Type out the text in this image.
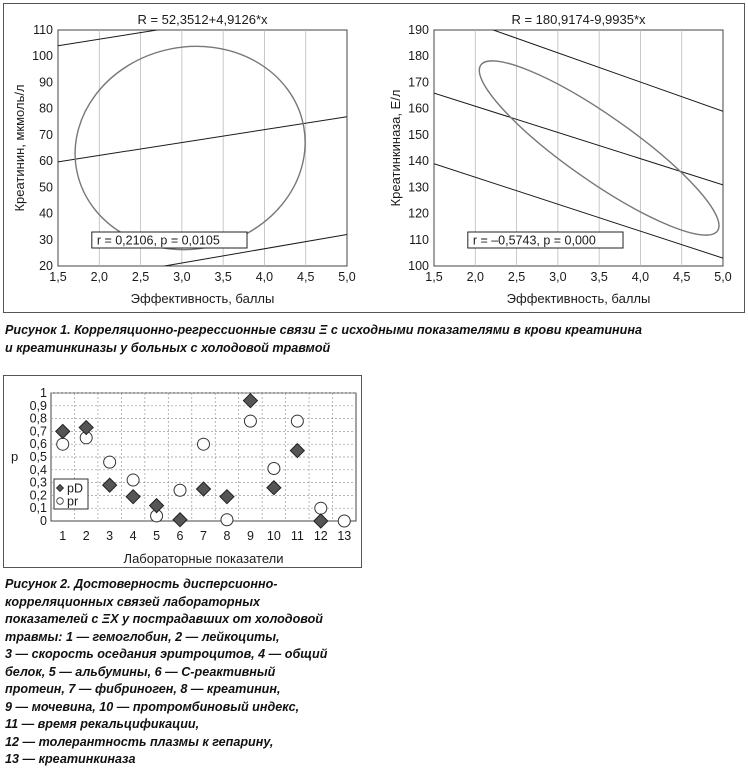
1,5 2,0 2,5 3,0 3,5 4,0 4,5 5,0
20
30
40
50
60
70
80
90
100
110
R = 52,3512+4,9126*x
r = 0,2106, p = 0,0105
Эффективность, баллы
Креатинин, мкмоль/л
1,5 2,0 2,5 3,0 3,5 4,0 4,5 5,0
100
110
120
130
140
150
160
170
180
190
R = 180,9174-9,9935*x
r = –0,5743, p = 0,000
Эффективность, баллы
Креатинкиназа, Е/л

Рисунок 1. Корреляционно-регрессионные связи Ξ с исходными показателями в крови креатинина
и креатинкиназы у больных с холодовой травмой

0
0,1
0,2
0,3
0,4
0,5
0,6
0,7
0,8
0,9
1
1 2 3 4 5 6 7 8 9 10 11 12 13
pD
pr
Лабораторные показатели
p

Рисунок 2. Достоверность дисперсионно-
корреляционных связей лабораторных
показателей с ΞX у пострадавших от холодовой
травмы: 1 — гемоглобин, 2 — лейкоциты,
3 — скорость оседания эритроцитов, 4 — общий
белок, 5 — альбумины, 6 — С-реактивный
протеин, 7 — фибриноген, 8 — креатинин,
9 — мочевина, 10 — протромбиновый индекс,
11 — время рекальцификации,
12 — толерантность плазмы к гепарину,
13 — креатинкиназа
